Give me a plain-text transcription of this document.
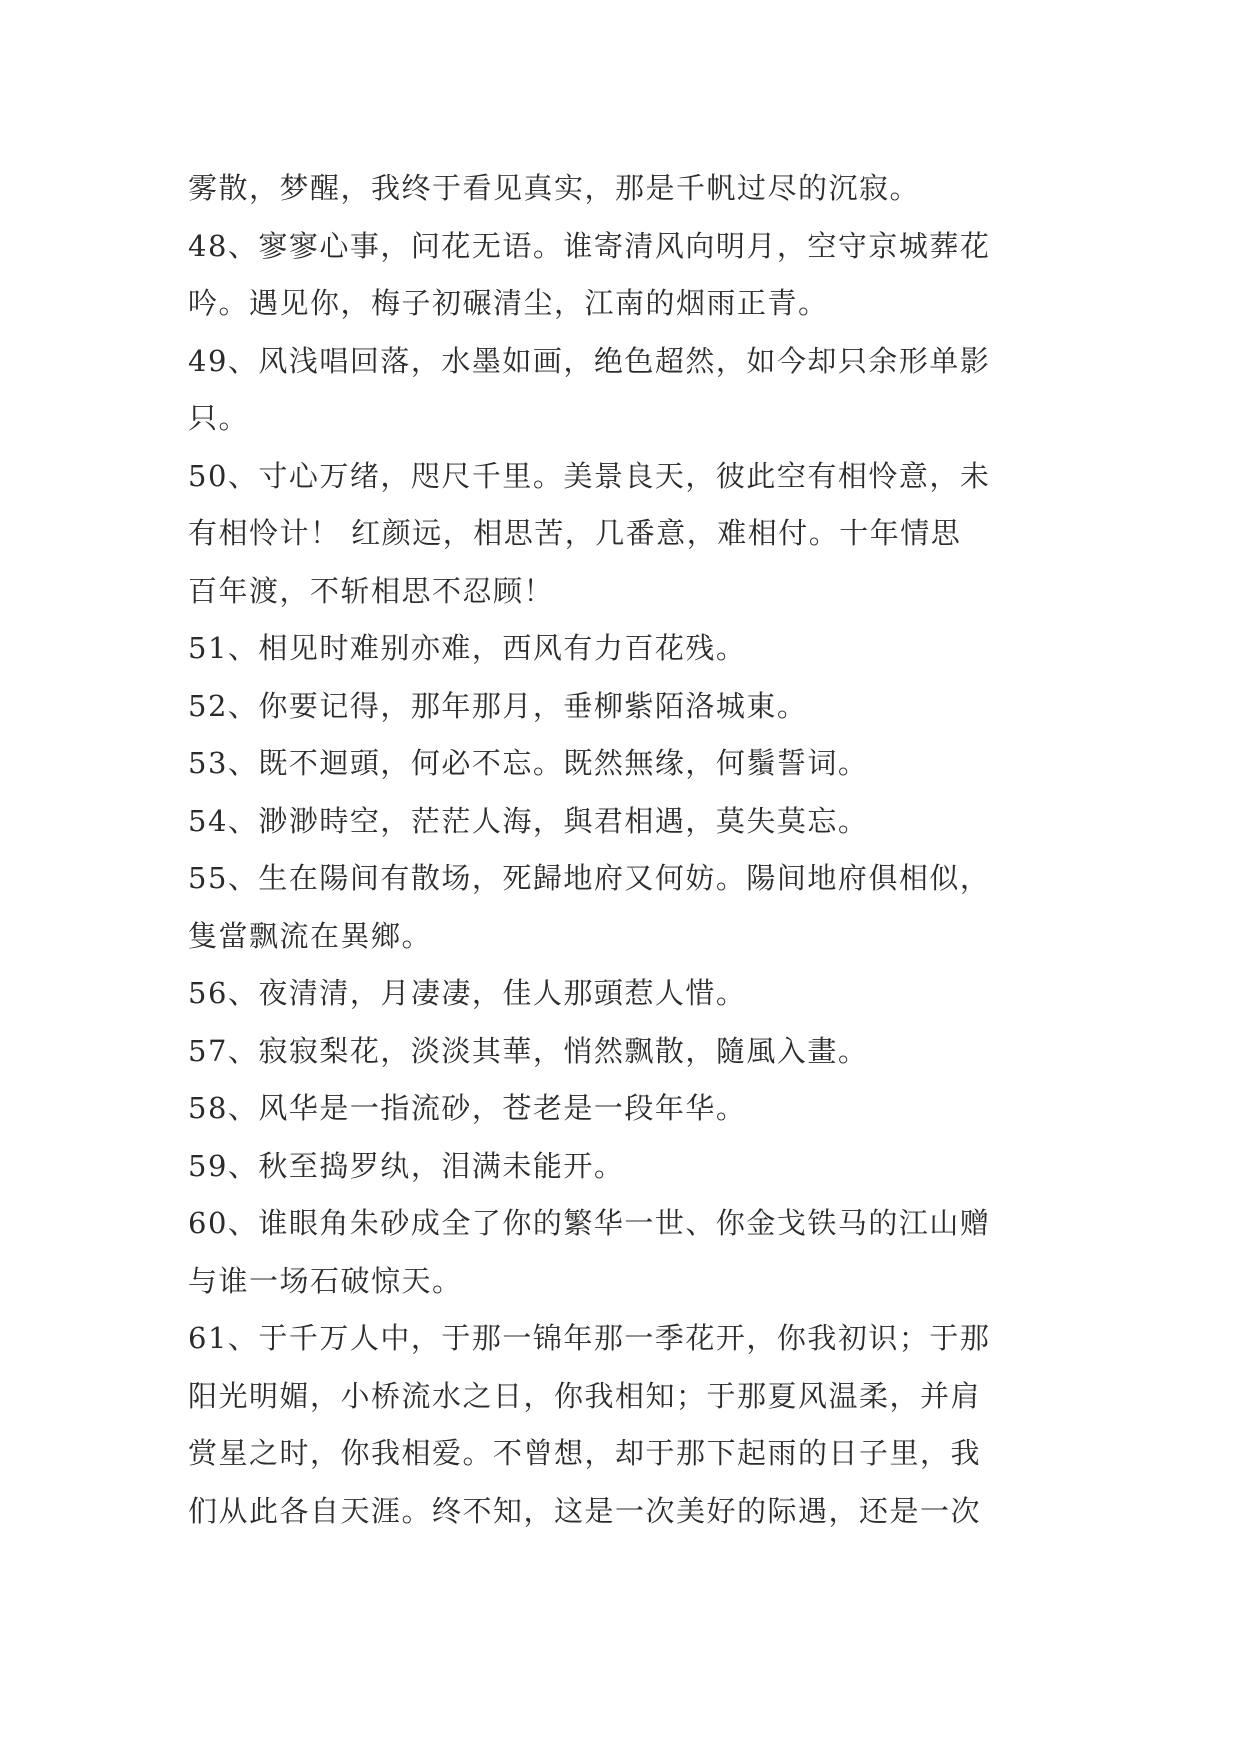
雾散，梦醒，我终于看见真实，那是千帆过尽的沉寂。
48、寥寥心事，问花无语。谁寄清风向明月，空守京城葬花
吟。遇见你，梅子初碾清尘，江南的烟雨正青。
49、风浅唱回落，水墨如画，绝色超然，如今却只余形单影
只。
50、寸心万绪，咫尺千里。美景良天，彼此空有相怜意，未
有相怜计！ 红颜远，相思苦，几番意，难相付。十年情思
百年渡，不斩相思不忍顾！
51、相见时难别亦难，西风有力百花残。
52、你要记得，那年那月，垂柳紫陌洛城東。
53、既不迴頭，何必不忘。既然無缘，何鬚誓词。
54、渺渺時空，茫茫人海，與君相遇，莫失莫忘。
55、生在陽间有散场，死歸地府又何妨。陽间地府俱相似，
隻當飘流在異鄉。
56、夜清清，月凄凄，佳人那頭惹人惜。
57、寂寂梨花，淡淡其華，悄然飘散，隨風入畫。
58、风华是一指流砂，苍老是一段年华。
59、秋至捣罗纨，泪满未能开。
60、谁眼角朱砂成全了你的繁华一世、你金戈铁马的江山赠
与谁一场石破惊天。
61、于千万人中，于那一锦年那一季花开，你我初识；于那
阳光明媚，小桥流水之日，你我相知；于那夏风温柔，并肩
赏星之时，你我相爱。不曾想，却于那下起雨的日子里，我
们从此各自天涯。终不知，这是一次美好的际遇，还是一次
